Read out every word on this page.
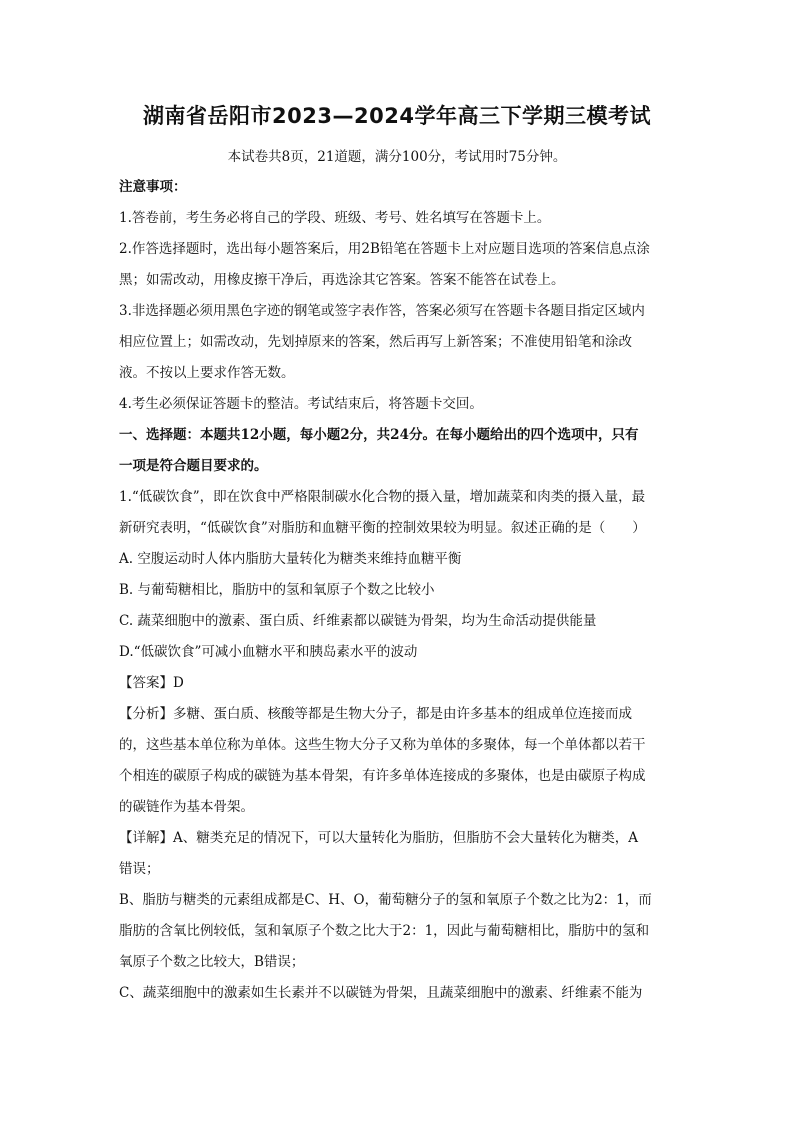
湖南省岳阳市2023—2024学年高三下学期三模考试
本试卷共8页，21道题，满分100分，考试用时75分钟。

注意事项：

1.答卷前，考生务必将自己的学段、班级、考号、姓名填写在答题卡上。

2.作答选择题时，选出每小题答案后，用2B铅笔在答题卡上对应题目选项的答案信息点涂

黑；如需改动，用橡皮擦干净后，再选涂其它答案。答案不能答在试卷上。

3.非选择题必须用黑色字迹的钢笔或签字表作答，答案必须写在答题卡各题目指定区域内

相应位置上；如需改动，先划掉原来的答案，然后再写上新答案；不准使用铅笔和涂改

液。不按以上要求作答无数。

4.考生必须保证答题卡的整洁。考试结束后，将答题卡交回。

一、选择题：本题共12小题，每小题2分，共24分。在每小题给出的四个选项中，只有

一项是符合题目要求的。

1.“低碳饮食”，即在饮食中严格限制碳水化合物的摄入量，增加蔬菜和肉类的摄入量，最

新研究表明，“低碳饮食”对脂肪和血糖平衡的控制效果较为明显。叙述正确的是（　　）

A. 空腹运动时人体内脂肪大量转化为糖类来维持血糖平衡

B. 与葡萄糖相比，脂肪中的氢和氧原子个数之比较小

C. 蔬菜细胞中的激素、蛋白质、纤维素都以碳链为骨架，均为生命活动提供能量

D.“低碳饮食”可减小血糖水平和胰岛素水平的波动

【答案】D

【分析】多糖、蛋白质、核酸等都是生物大分子，都是由许多基本的组成单位连接而成

的，这些基本单位称为单体。这些生物大分子又称为单体的多聚体，每一个单体都以若干

个相连的碳原子构成的碳链为基本骨架，有许多单体连接成的多聚体，也是由碳原子构成

的碳链作为基本骨架。

【详解】A、糖类充足的情况下，可以大量转化为脂肪，但脂肪不会大量转化为糖类，A

错误；

B、脂肪与糖类的元素组成都是C、H、O，葡萄糖分子的氢和氧原子个数之比为2：1，而

脂肪的含氧比例较低，氢和氧原子个数之比大于2：1，因此与葡萄糖相比，脂肪中的氢和

氧原子个数之比较大，B错误；

C、蔬菜细胞中的激素如生长素并不以碳链为骨架，且蔬菜细胞中的激素、纤维素不能为
